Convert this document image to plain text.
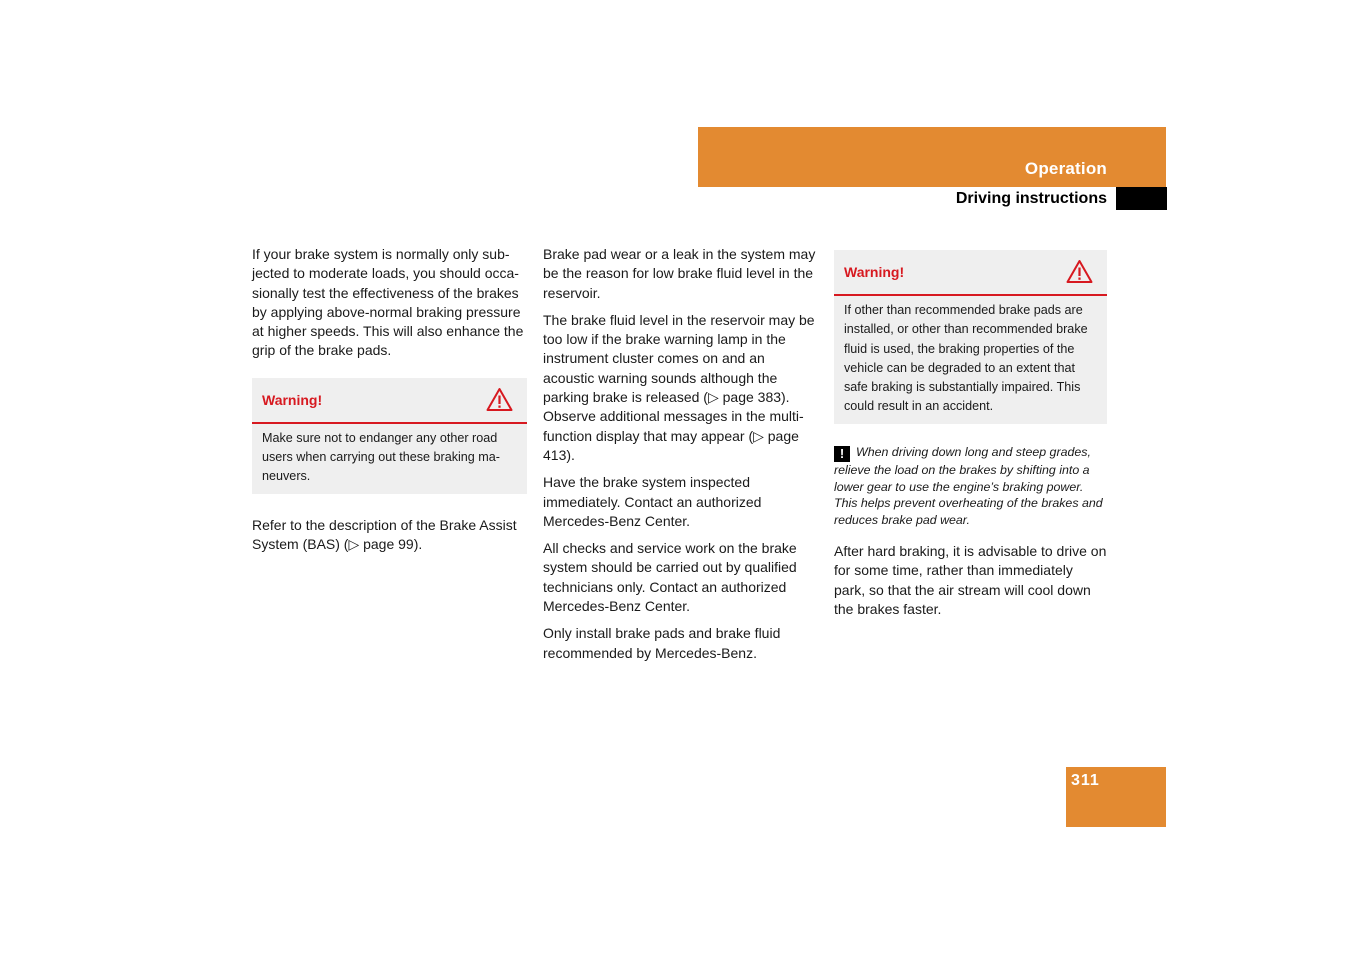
Operation
Driving instructions

If your brake system is normally only sub-jected to moderate loads, you should occa-sionally test the effectiveness of the brakes by applying above-normal braking pressure at higher speeds. This will also enhance the grip of the brake pads.

Warning!
Make sure not to endanger any other road users when carrying out these braking ma-neuvers.

Refer to the description of the Brake Assist System (BAS) (▷ page 99).

Brake pad wear or a leak in the system may be the reason for low brake fluid level in the reservoir.

The brake fluid level in the reservoir may be too low if the brake warning lamp in the instrument cluster comes on and an acoustic warning sounds although the parking brake is released (▷ page 383). Observe additional messages in the multi-function display that may appear (▷ page 413).

Have the brake system inspected immediately. Contact an authorized Mercedes-Benz Center.

All checks and service work on the brake system should be carried out by qualified technicians only. Contact an authorized Mercedes-Benz Center.

Only install brake pads and brake fluid recommended by Mercedes-Benz.

Warning!
If other than recommended brake pads are installed, or other than recommended brake fluid is used, the braking properties of the vehicle can be degraded to an extent that safe braking is substantially impaired. This could result in an accident.
! When driving down long and steep grades, relieve the load on the brakes by shifting into a lower gear to use the engine’s braking power. This helps prevent overheating of the brakes and reduces brake pad wear.

After hard braking, it is advisable to drive on for some time, rather than immediately park, so that the air stream will cool down the brakes faster.

311
